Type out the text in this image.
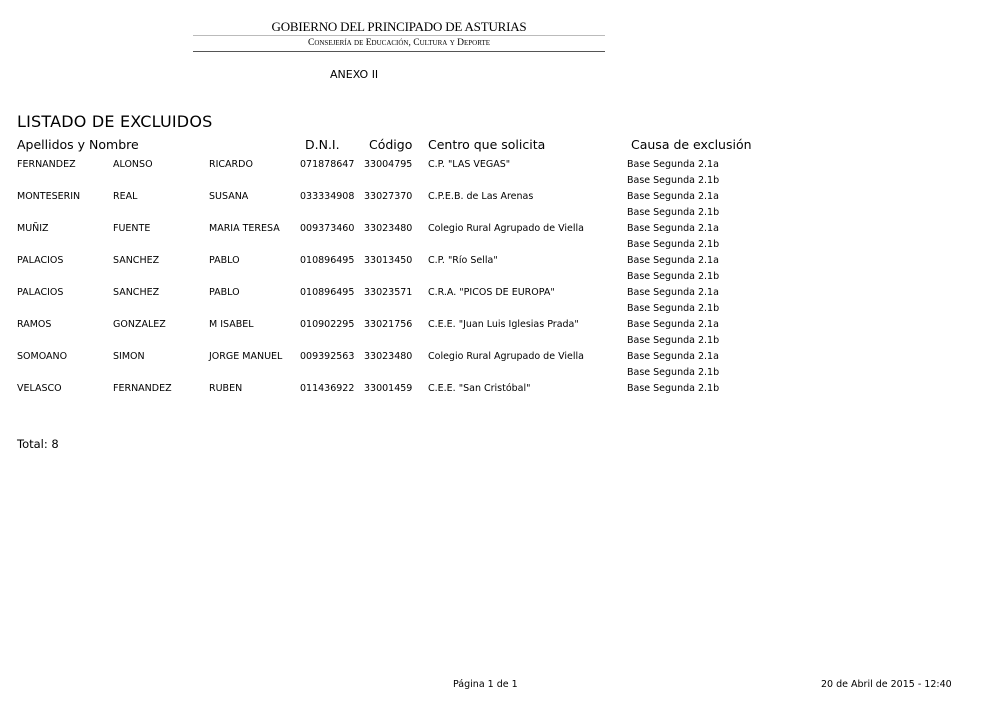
GOBIERNO DEL PRINCIPADO DE ASTURIAS
Consejería de Educación, Cultura y Deporte
ANEXO II
LISTADO DE EXCLUIDOS
Apellidos y Nombre	D.N.I. Código Centro que solicita	Causa de exclusión
FERNANDEZ	ALONSO	RICARDO	071878647 33004795 C.P. "LAS VEGAS"	Base Segunda 2.1a
Base Segunda 2.1b
MONTESERIN	REAL	SUSANA	033334908 33027370 C.P.E.B. de Las Arenas	Base Segunda 2.1a
Base Segunda 2.1b
MUÑIZ	FUENTE	MARIA TERESA 009373460 33023480 Colegio Rural Agrupado de Viella	Base Segunda 2.1a
Base Segunda 2.1b
PALACIOS	SANCHEZ	PABLO	010896495 33013450 C.P. "Río Sella"	Base Segunda 2.1a
Base Segunda 2.1b
PALACIOS	SANCHEZ	PABLO	010896495 33023571 C.R.A. "PICOS DE EUROPA"	Base Segunda 2.1a
Base Segunda 2.1b
RAMOS	GONZALEZ	M ISABEL	010902295 33021756 C.E.E. "Juan Luis Iglesias Prada"	Base Segunda 2.1a
Base Segunda 2.1b
SOMOANO	SIMON	JORGE MANUEL 009392563 33023480 Colegio Rural Agrupado de Viella	Base Segunda 2.1a
Base Segunda 2.1b
VELASCO	FERNANDEZ	RUBEN	011436922 33001459 C.E.E. "San Cristóbal"	Base Segunda 2.1b
Total: 8
Página 1 de 1	20 de Abril de 2015 - 12:40
